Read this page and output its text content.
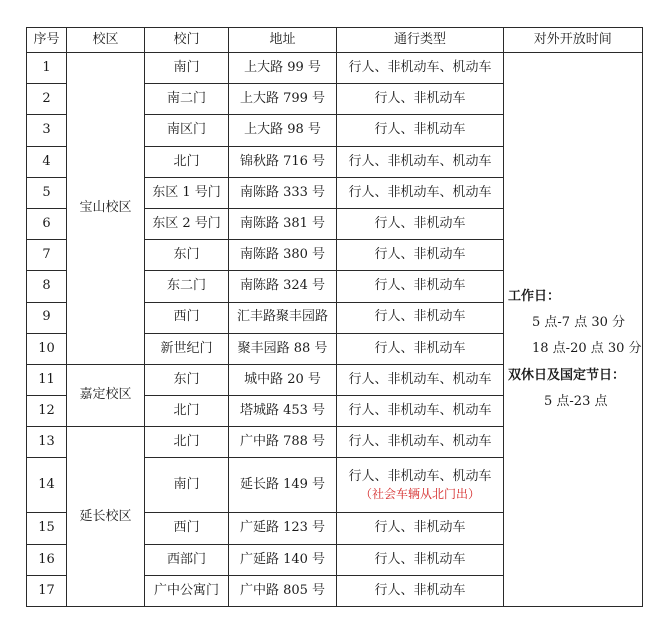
序号	校区	校门	地址	通行类型	对外开放时间
1	宝山校区	南门	上大路 99 号	行人、非机动车、机动车	工作日：
5 点-7 点 30 分
18 点-20 点 30 分
双休日及国定节日：
5 点-23 点

2		南二门	上大路 799 号	行人、非机动车	
3		南区门	上大路 98 号	行人、非机动车	
4		北门	锦秋路 716 号	行人、非机动车、机动车	
5		东区 1 号门	南陈路 333 号	行人、非机动车、机动车	
6		东区 2 号门	南陈路 381 号	行人、非机动车	
7		东门	南陈路 380 号	行人、非机动车	
8		东二门	南陈路 324 号	行人、非机动车	
9		西门	汇丰路聚丰园路	行人、非机动车	
10		新世纪门	聚丰园路 88 号	行人、非机动车	
11	嘉定校区	东门	城中路 20 号	行人、非机动车、机动车	
12		北门	塔城路 453 号	行人、非机动车、机动车	
13	延长校区	北门	广中路 788 号	行人、非机动车、机动车	
14		南门	延长路 149 号	行人、非机动车、机动车
（社会车辆从北门出）	

15		西门	广延路 123 号	行人、非机动车	
16		西部门	广延路 140 号	行人、非机动车	
17		广中公寓门	广中路 805 号	行人、非机动车	
